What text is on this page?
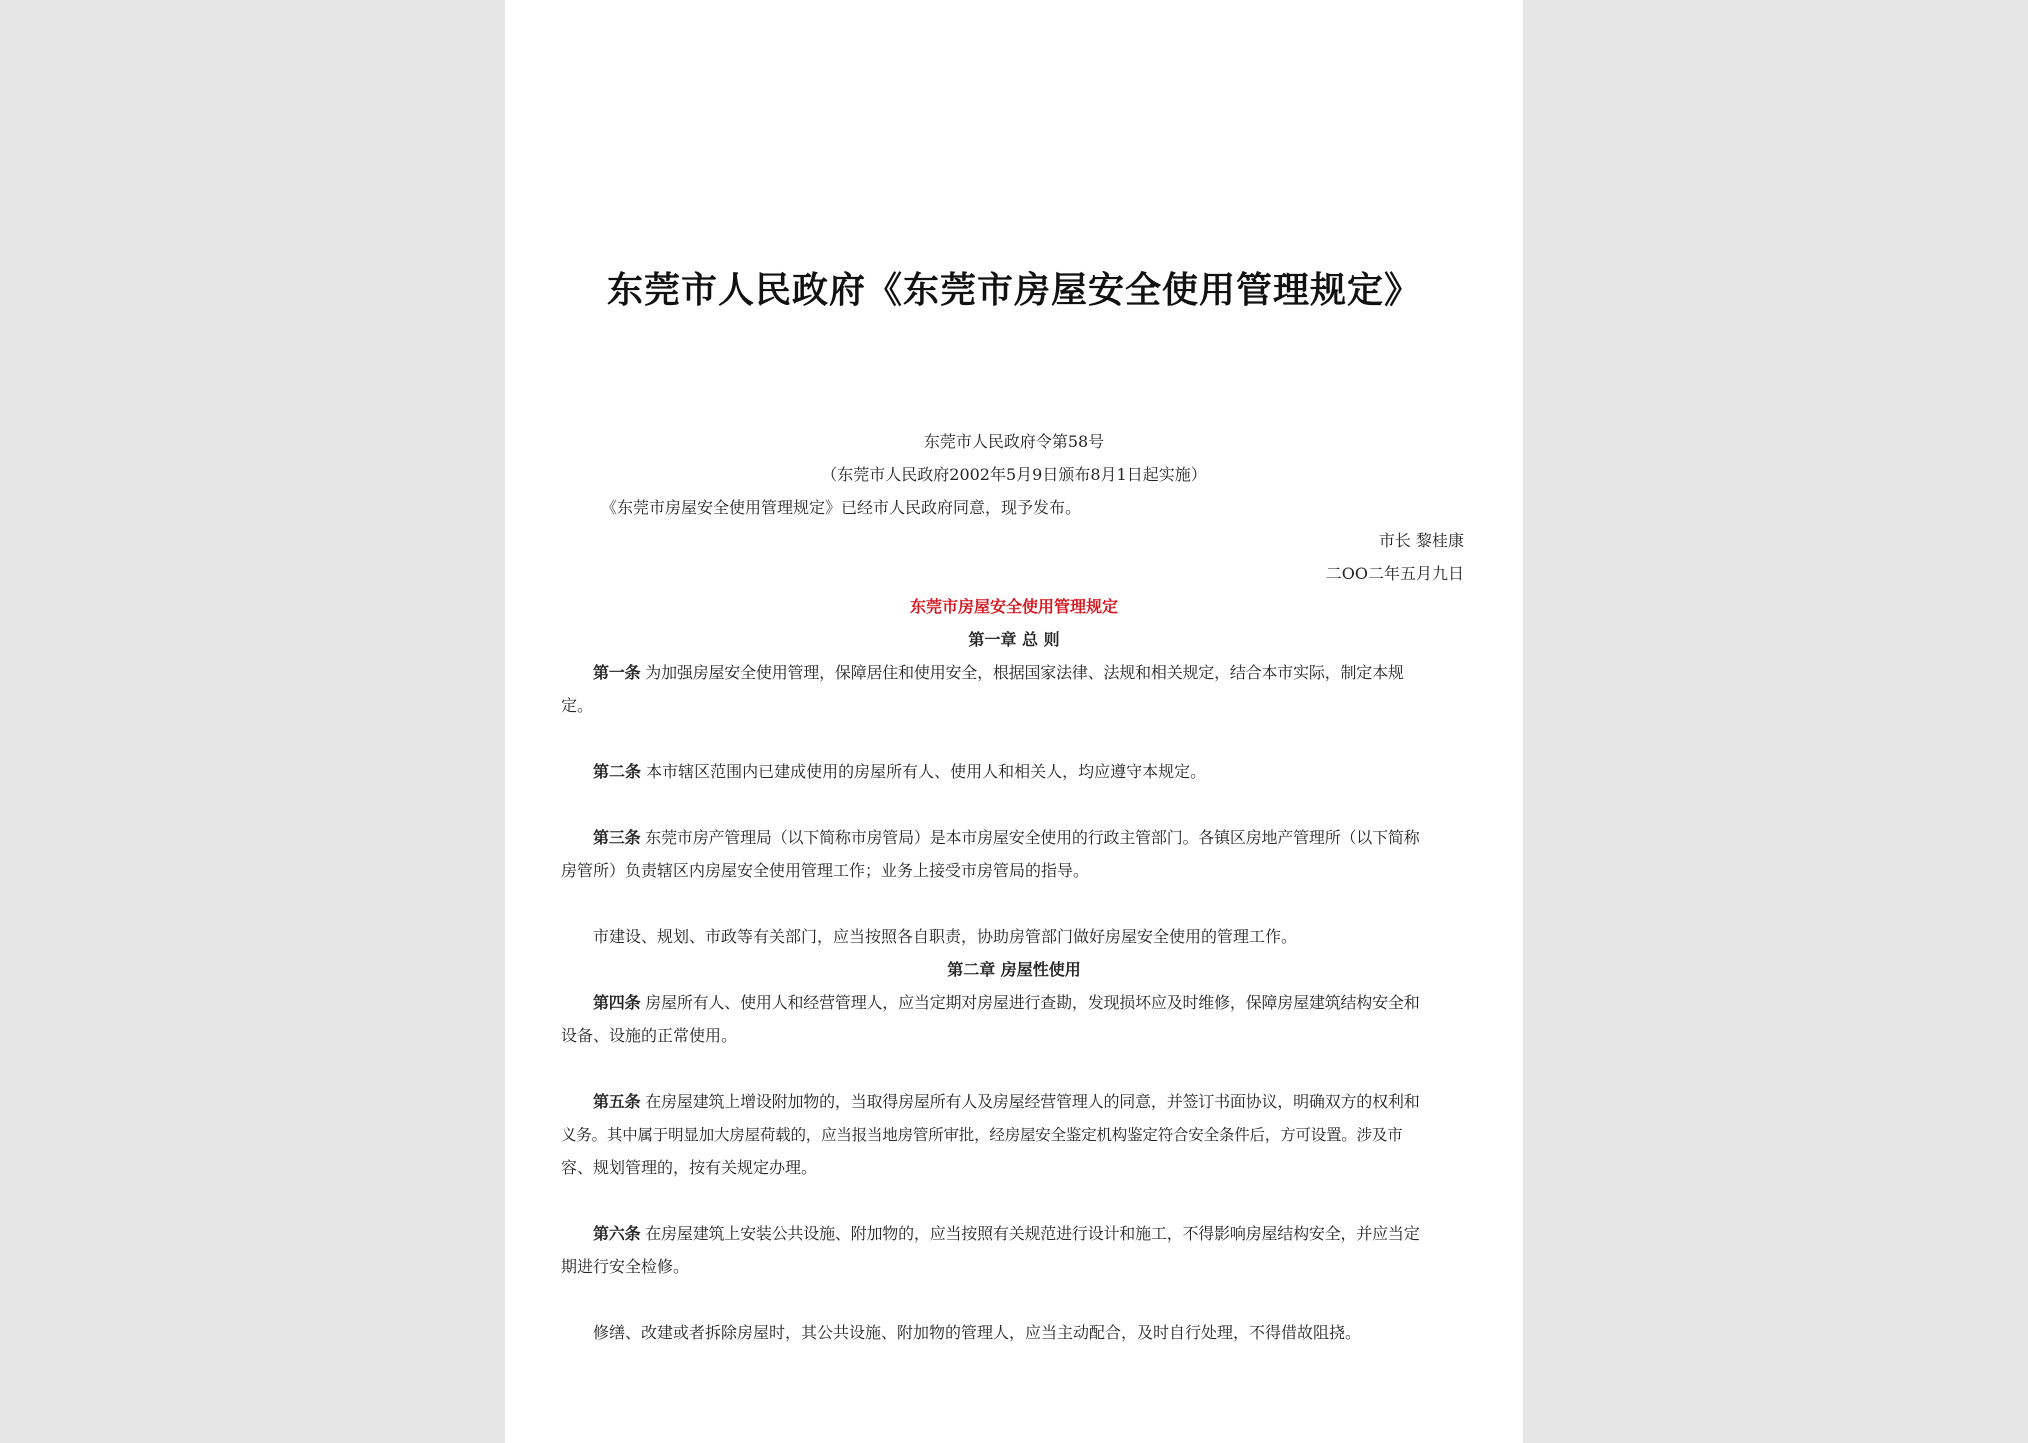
东莞市人民政府《东莞市房屋安全使用管理规定》
东莞市人民政府令第58号
（东莞市人民政府2002年5月9日颁布8月1日起实施）
《东莞市房屋安全使用管理规定》已经市人民政府同意，现予发布。
市长 黎桂康
二OO二年五月九日
东莞市房屋安全使用管理规定
第一章 总 则
第一条 为加强房屋安全使用管理，保障居住和使用安全，根据国家法律、法规和相关规定，结合本市实际，制定本规
定。
第二条 本市辖区范围内已建成使用的房屋所有人、使用人和相关人，均应遵守本规定。
第三条 东莞市房产管理局（以下简称市房管局）是本市房屋安全使用的行政主管部门。各镇区房地产管理所（以下简称
房管所）负责辖区内房屋安全使用管理工作；业务上接受市房管局的指导。
市建设、规划、市政等有关部门，应当按照各自职责，协助房管部门做好房屋安全使用的管理工作。
第二章 房屋性使用
第四条 房屋所有人、使用人和经营管理人，应当定期对房屋进行查勘，发现损坏应及时维修，保障房屋建筑结构安全和
设备、设施的正常使用。
第五条 在房屋建筑上增设附加物的，当取得房屋所有人及房屋经营管理人的同意，并签订书面协议，明确双方的权利和
义务。其中属于明显加大房屋荷载的，应当报当地房管所审批，经房屋安全鉴定机构鉴定符合安全条件后，方可设置。涉及市
容、规划管理的，按有关规定办理。
第六条 在房屋建筑上安装公共设施、附加物的，应当按照有关规范进行设计和施工，不得影响房屋结构安全，并应当定
期进行安全检修。
修缮、改建或者拆除房屋时，其公共设施、附加物的管理人，应当主动配合，及时自行处理，不得借故阻挠。
